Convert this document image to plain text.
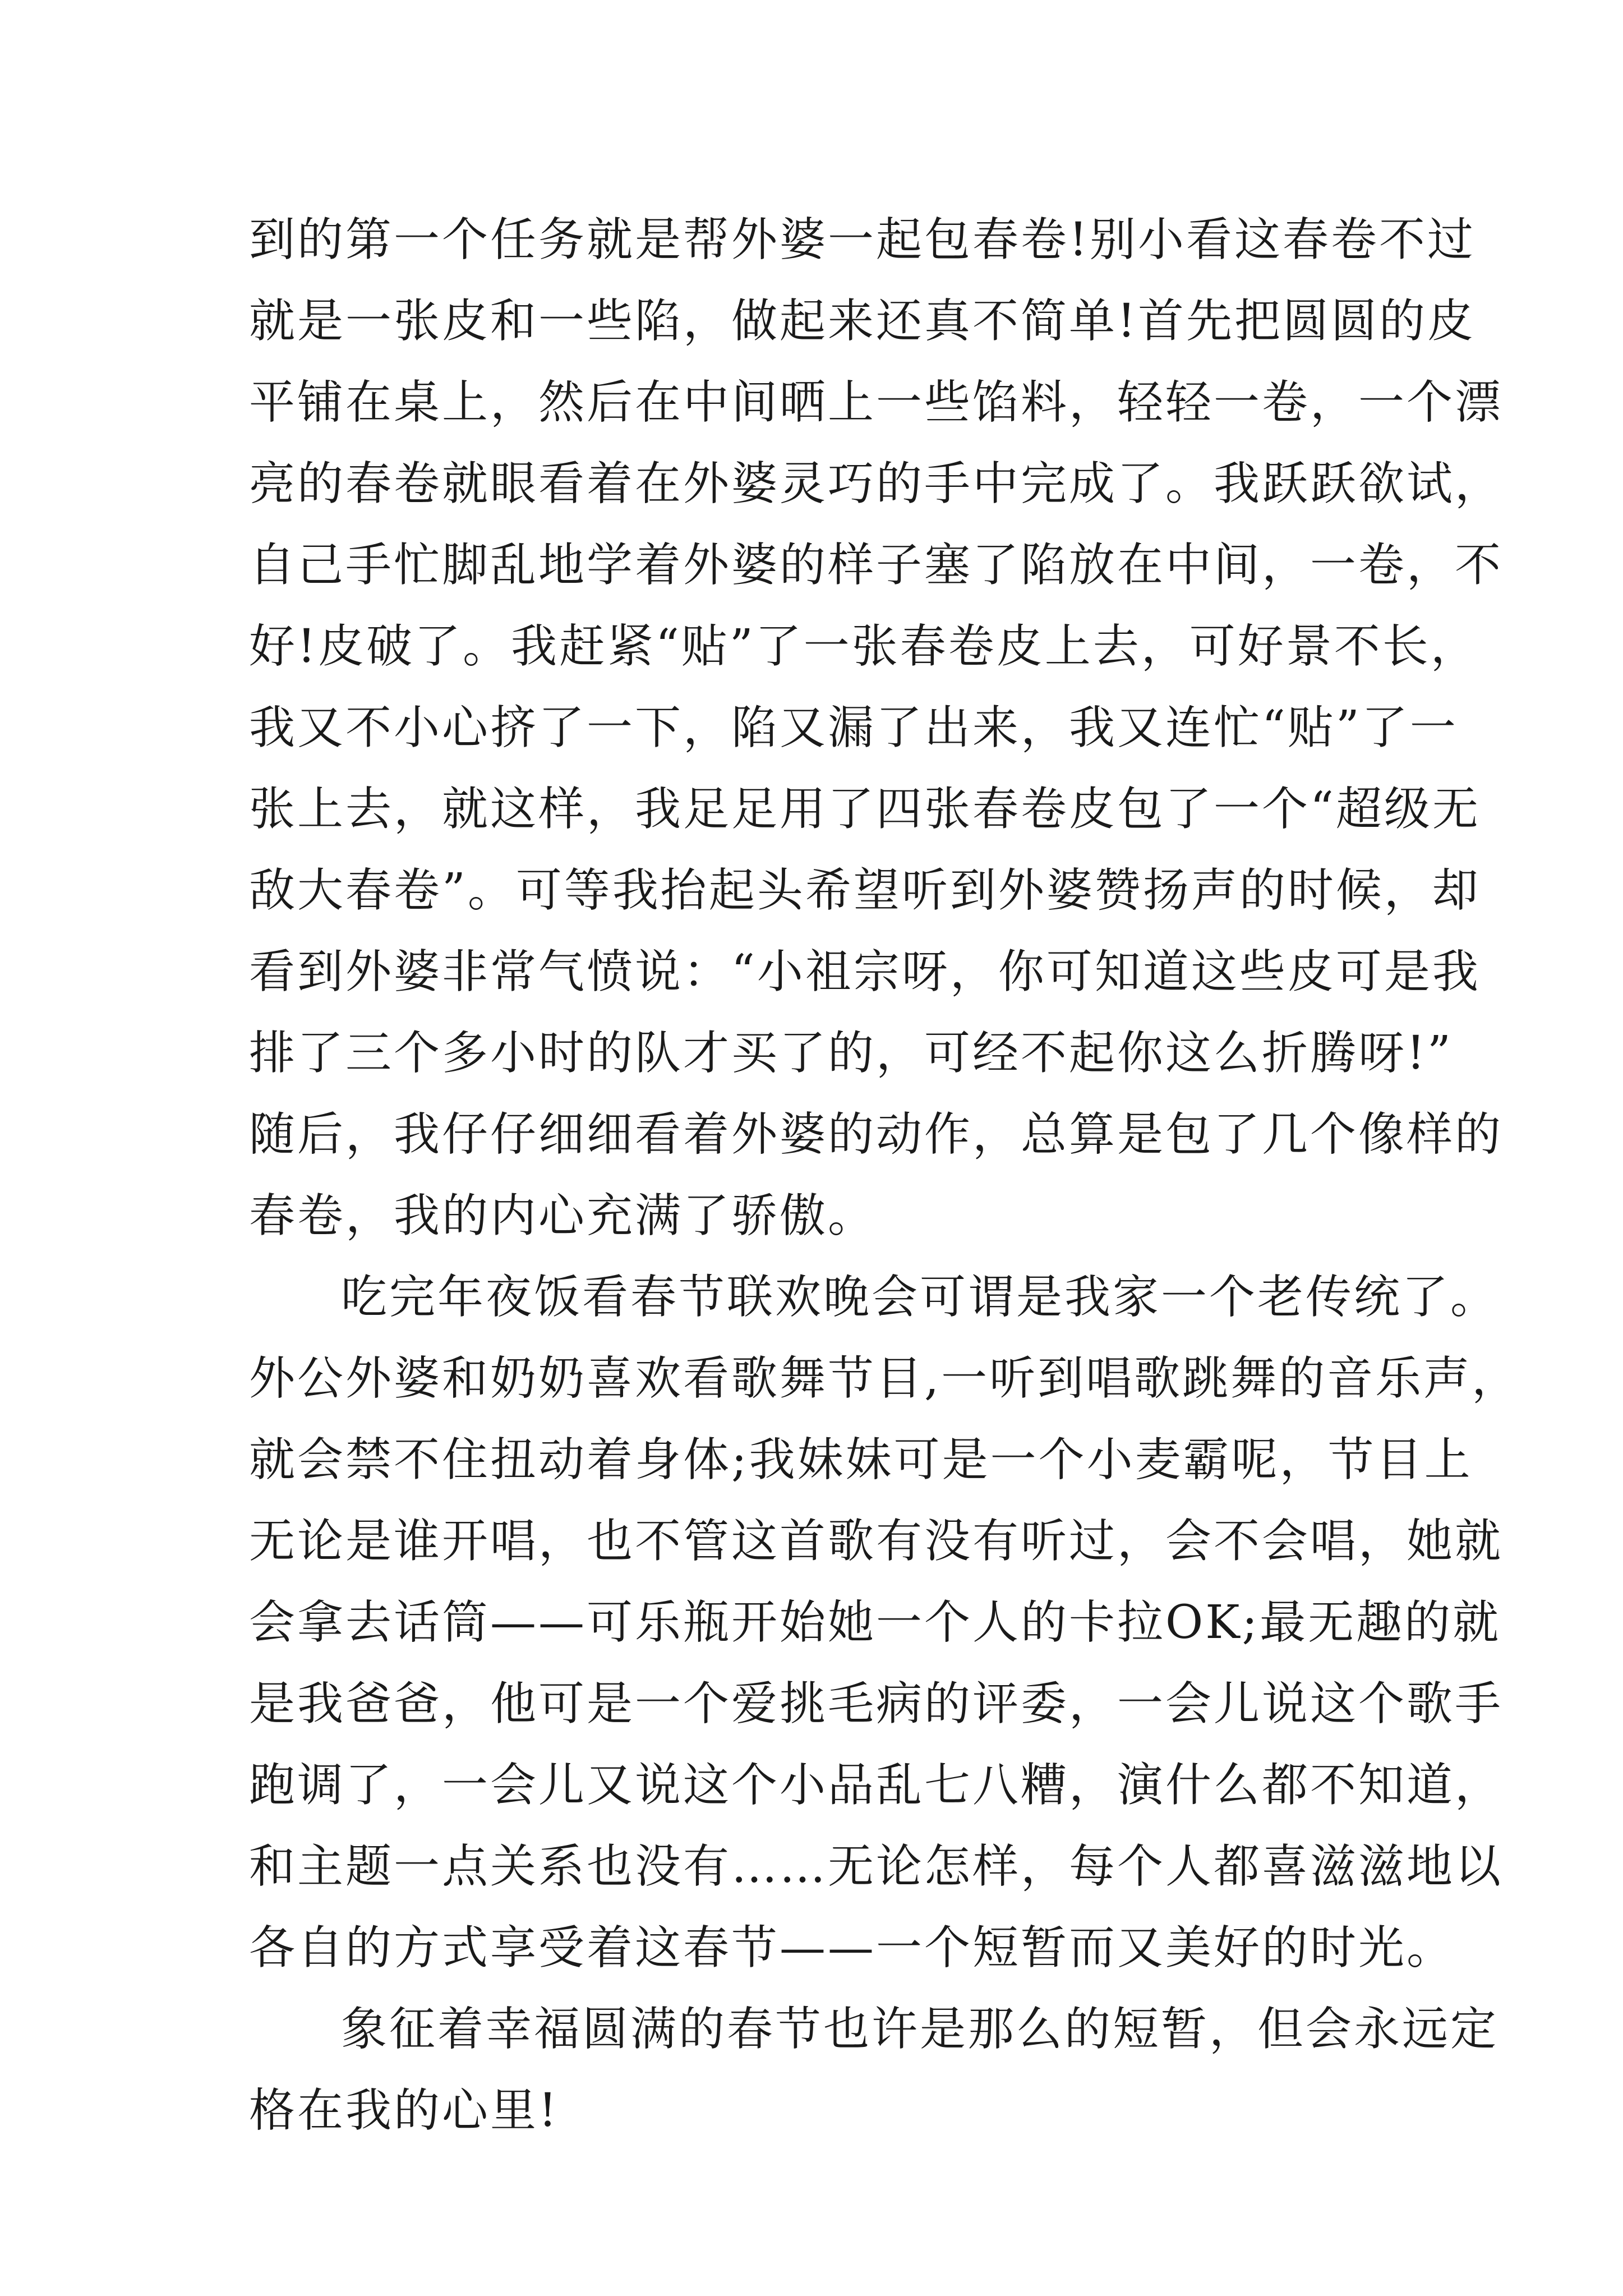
到的第一个任务就是帮外婆一起包春卷!别小看这春卷不过
就是一张皮和一些陷，做起来还真不简单!首先把圆圆的皮
平铺在桌上，然后在中间晒上一些馅料，轻轻一卷，一个漂
亮的春卷就眼看着在外婆灵巧的手中完成了。我跃跃欲试，
自己手忙脚乱地学着外婆的样子塞了陷放在中间，一卷，不
好!皮破了。我赶紧“贴”了一张春卷皮上去，可好景不长，
我又不小心挤了一下，陷又漏了出来，我又连忙“贴”了一
张上去，就这样，我足足用了四张春卷皮包了一个“超级无
敌大春卷”。可等我抬起头希望听到外婆赞扬声的时候，却
看到外婆非常气愤说：“小祖宗呀，你可知道这些皮可是我
排了三个多小时的队才买了的，可经不起你这么折腾呀!”
随后，我仔仔细细看着外婆的动作，总算是包了几个像样的
春卷，我的内心充满了骄傲。
吃完年夜饭看春节联欢晚会可谓是我家一个老传统了。
外公外婆和奶奶喜欢看歌舞节目,一听到唱歌跳舞的音乐声，
就会禁不住扭动着身体;我妹妹可是一个小麦霸呢，节目上
无论是谁开唱，也不管这首歌有没有听过，会不会唱，她就
会拿去话筒——可乐瓶开始她一个人的卡拉OK;最无趣的就
是我爸爸，他可是一个爱挑毛病的评委，一会儿说这个歌手
跑调了，一会儿又说这个小品乱七八糟，演什么都不知道，
和主题一点关系也没有……无论怎样，每个人都喜滋滋地以
各自的方式享受着这春节——一个短暂而又美好的时光。
象征着幸福圆满的春节也许是那么的短暂，但会永远定
格在我的心里!
